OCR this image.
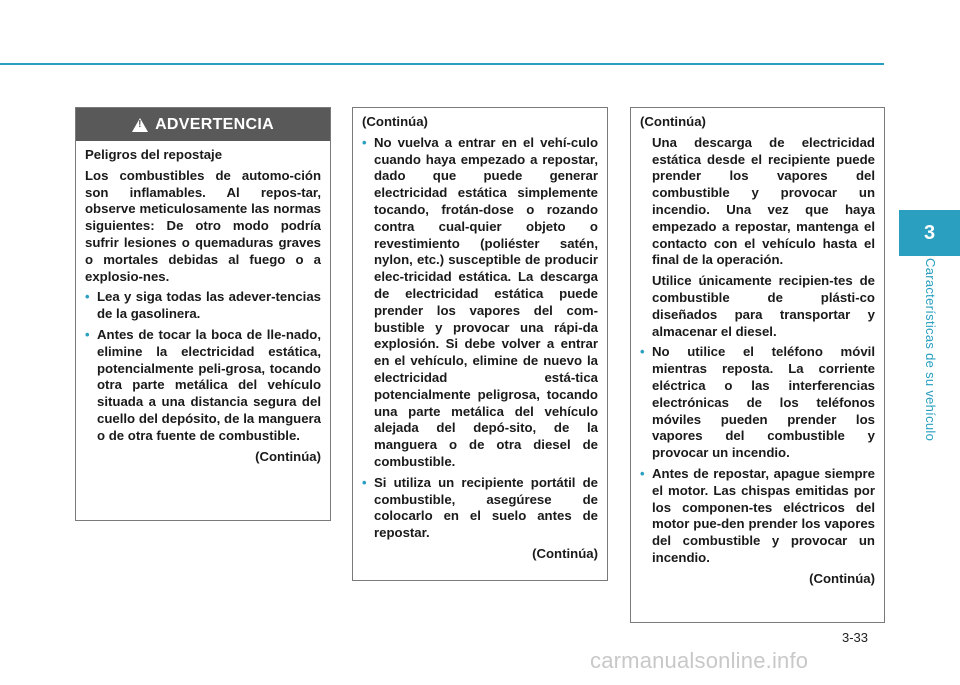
3
Características de su vehículo
!
ADVERTENCIA

Peligros del repostaje

Los combustibles de automo-ción son inflamables. Al repos-tar, observe meticulosamente las normas siguientes: De otro modo podría sufrir lesiones o quemaduras graves o mortales debidas al fuego o a explosio-nes.

• Lea y siga todas las adever-tencias de la gasolinera.
• Antes de tocar la boca de lle-nado, elimine la electricidad estática, potencialmente peli-grosa, tocando otra parte metálica del vehículo situada a una distancia segura del cuello del depósito, de la manguera o de otra fuente de combustible.
(Continúa)
(Continúa)
• No vuelva a entrar en el vehí-culo cuando haya empezado a repostar, dado que puede generar electricidad estática simplemente tocando, frotán-dose o rozando contra cual-quier objeto o revestimiento (poliéster satén, nylon, etc.) susceptible de producir elec-tricidad estática. La descarga de electricidad estática puede prender los vapores del com-bustible y provocar una rápi-da explosión. Si debe volver a entrar en el vehículo, elimine de nuevo la electricidad está-tica potencialmente peligrosa, tocando una parte metálica del vehículo alejada del depó-sito, de la manguera o de otra diesel de combustible.
• Si utiliza un recipiente portátil de combustible, asegúrese de colocarlo en el suelo antes de repostar.
(Continúa)
(Continúa)

Una descarga de electricidad estática desde el recipiente puede prender los vapores del combustible y provocar un incendio. Una vez que haya empezado a repostar, mantenga el contacto con el vehículo hasta el final de la operación.

Utilice únicamente recipien-tes de combustible de plásti-co diseñados para transportar y almacenar el diesel.

• No utilice el teléfono móvil mientras reposta. La corriente eléctrica o las interferencias electrónicas de los teléfonos móviles pueden prender los vapores del combustible y provocar un incendio.
• Antes de repostar, apague siempre el motor. Las chispas emitidas por los componen-tes eléctricos del motor pue-den prender los vapores del combustible y provocar un incendio.
(Continúa)
3-33
carmanualsonline.info
